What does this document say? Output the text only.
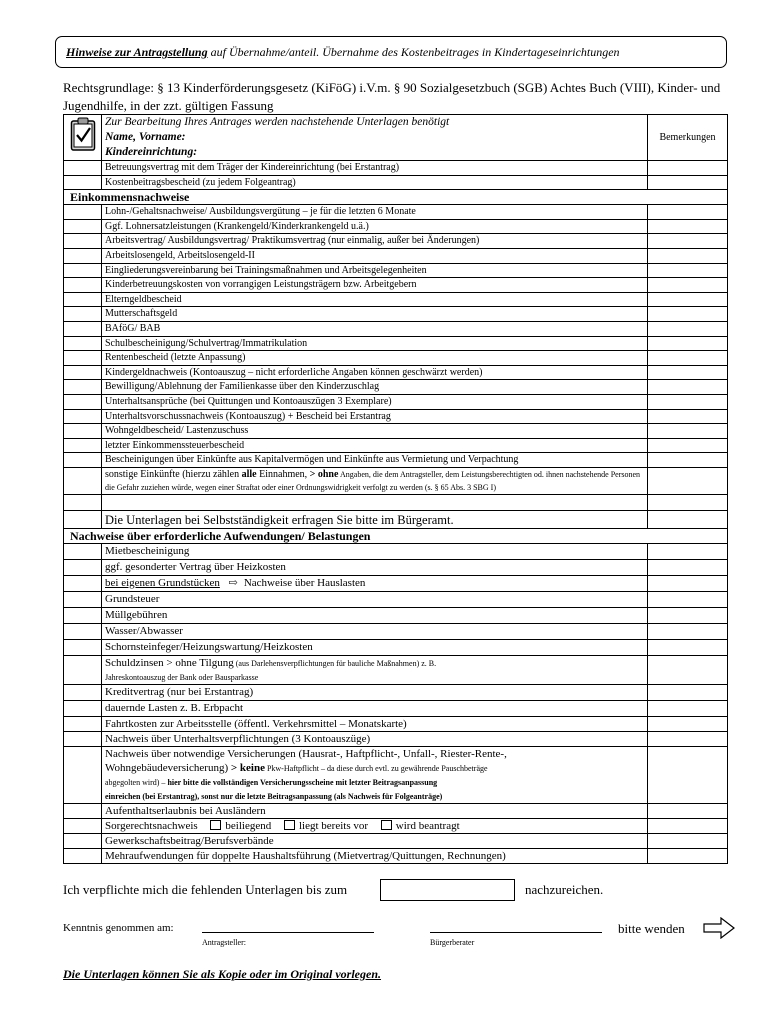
Hinweise zur Antragstellung auf Übernahme/anteil. Übernahme des Kostenbeitrages in Kindertageseinrichtungen
Rechtsgrundlage: § 13 Kinderförderungsgesetz (KiFöG) i.V.m. § 90 Sozialgesetzbuch (SGB) Achtes Buch (VIII), Kinder- und Jugendhilfe, in der zzt. gültigen Fassung

Zur Bearbeitung Ihres Antrages werden nachstehende Unterlagen benötigt
Name, Vorname:
Kindereinrichtung:	Bemerkungen
	Betreuungsvertrag mit dem Träger der Kindereinrichtung (bei Erstantrag)	
	Kostenbeitragsbescheid (zu jedem Folgeantrag)	
Einkommensnachweise		
	Lohn-/Gehaltsnachweise/ Ausbildungsvergütung – je für die letzten 6 Monate	
	Ggf. Lohnersatzleistungen (Krankengeld/Kinderkrankengeld u.ä.)	
	Arbeitsvertrag/ Ausbildungsvertrag/ Praktikumsvertrag (nur einmalig, außer bei Änderungen)	
	Arbeitslosengeld, Arbeitslosengeld-II	
	Eingliederungsvereinbarung bei Trainingsmaßnahmen und Arbeitsgelegenheiten	
	Kinderbetreuungskosten von vorrangigen Leistungsträgern bzw. Arbeitgebern	
	Elterngeldbescheid	
	Mutterschaftsgeld	
	BAföG/ BAB	
	Schulbescheinigung/Schulvertrag/Immatrikulation	
	Rentenbescheid (letzte Anpassung)	
	Kindergeldnachweis (Kontoauszug – nicht erforderliche Angaben können geschwärzt werden)	
	Bewilligung/Ablehnung der Familienkasse über den Kinderzuschlag	
	Unterhaltsansprüche (bei Quittungen und Kontoauszügen 3 Exemplare)	
	Unterhaltsvorschussnachweis (Kontoauszug) + Bescheid bei Erstantrag	
	Wohngeldbescheid/ Lastenzuschuss	
	letzter Einkommenssteuerbescheid	
	Bescheinigungen über Einkünfte aus Kapitalvermögen und Einkünfte aus Vermietung und Verpachtung	
	sonstige Einkünfte (hierzu zählen alle Einnahmen, > ohne Angaben, die dem Antragsteller, dem Leistungsberechtigten od. ihnen nachstehende Personen die Gefahr zuziehen würde, wegen einer Straftat oder einer Ordnungswidrigkeit verfolgt zu werden (s. § 65 Abs. 3 SBG I)	

	Die Unterlagen bei Selbstständigkeit erfragen Sie bitte im Bürgeramt.	
Nachweise über erforderliche Aufwendungen/ Belastungen		
	Mietbescheinigung	
	ggf. gesonderter Vertrag über Heizkosten	
	bei eigenen Grundstücken ⇨ Nachweise über Hauslasten	
	Grundsteuer	
	Müllgebühren	
	Wasser/Abwasser	
	Schornsteinfeger/Heizungswartung/Heizkosten	
	Schuldzinsen > ohne Tilgung (aus Darlehensverpflichtungen für bauliche Maßnahmen) z. B.
Jahreskontoauszug der Bank oder Bausparkasse	
	Kreditvertrag (nur bei Erstantrag)	
	dauernde Lasten z. B. Erbpacht	
	Fahrtkosten zur Arbeitsstelle (öffentl. Verkehrsmittel – Monatskarte)	
	Nachweis über Unterhaltsverpflichtungen (3 Kontoauszüge)	
	Nachweis über notwendige Versicherungen (Hausrat-, Haftpflicht-, Unfall-, Riester-Rente-,
Wohngebäudeversicherung) > keine Pkw-Haftpflicht – da diese durch evtl. zu gewährende Pauschbeträge
abgegolten wird) – hier bitte die vollständigen Versicherungsscheine mit letzter Beitragsanpassung
einreichen (bei Erstantrag), sonst nur die letzte Beitragsanpassung (als Nachweis für Folgeanträge)	
	Aufenthaltserlaubnis bei Ausländern	
	Sorgerechtsnachweis beiliegend liegt bereits vor wird beantragt	
	Gewerkschaftsbeitrag/Berufsverbände	
	Mehraufwendungen für doppelte Haushaltsführung (Mietvertrag/Quittungen, Rechnungen)	
Ich verpflichte mich die fehlenden Unterlagen bis zum	nachzureichen.
Kenntnis genommen am:
Antragsteller:	Bürgerberater
bitte wenden
Die Unterlagen können Sie als Kopie oder im Original vorlegen.
